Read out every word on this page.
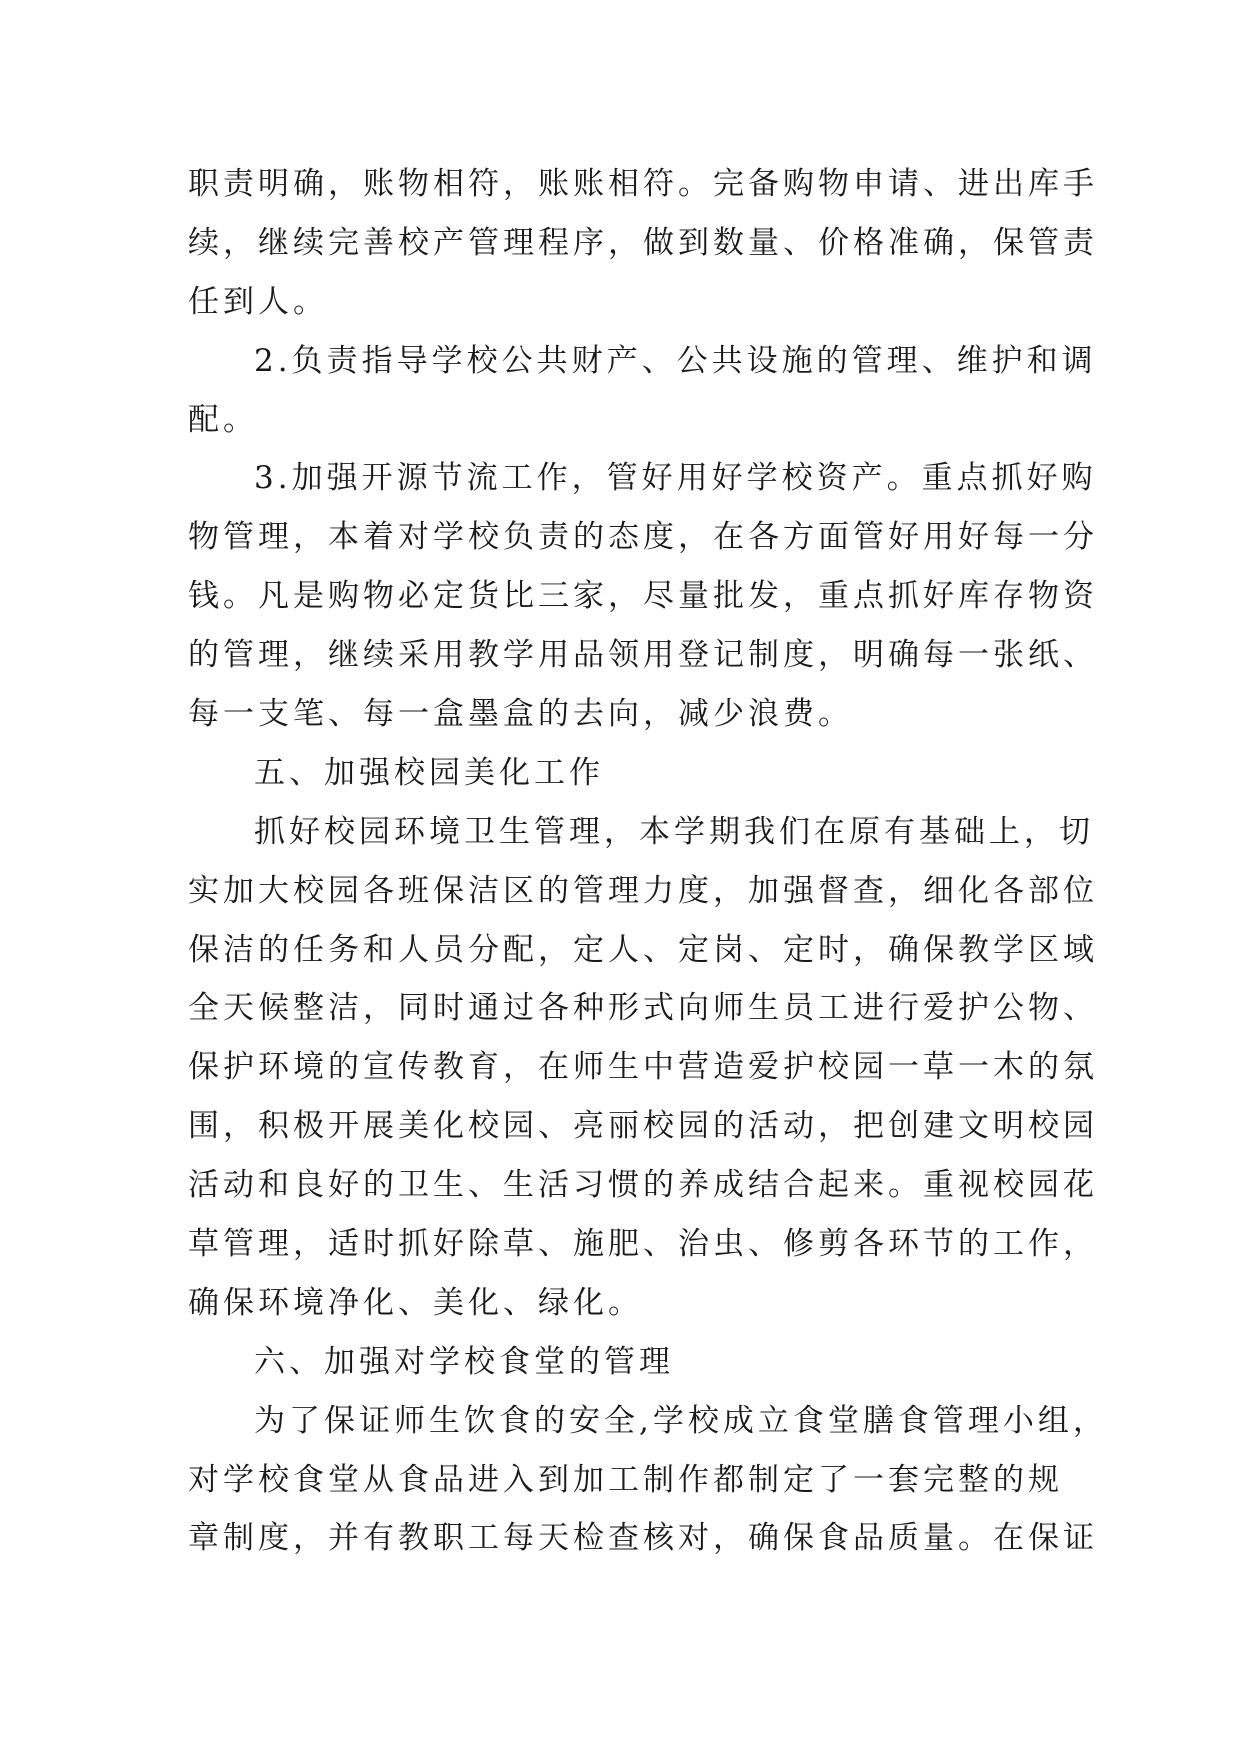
职责明确，账物相符，账账相符。完备购物申请、进出库手
续，继续完善校产管理程序，做到数量、价格准确，保管责
任到人。
2.负责指导学校公共财产、公共设施的管理、维护和调
配。
3.加强开源节流工作，管好用好学校资产。重点抓好购
物管理，本着对学校负责的态度，在各方面管好用好每一分
钱。凡是购物必定货比三家，尽量批发，重点抓好库存物资
的管理，继续采用教学用品领用登记制度，明确每一张纸、
每一支笔、每一盒墨盒的去向，减少浪费。
五、加强校园美化工作
抓好校园环境卫生管理，本学期我们在原有基础上，切
实加大校园各班保洁区的管理力度，加强督查，细化各部位
保洁的任务和人员分配，定人、定岗、定时，确保教学区域
全天候整洁，同时通过各种形式向师生员工进行爱护公物、
保护环境的宣传教育，在师生中营造爱护校园一草一木的氛
围，积极开展美化校园、亮丽校园的活动，把创建文明校园
活动和良好的卫生、生活习惯的养成结合起来。重视校园花
草管理，适时抓好除草、施肥、治虫、修剪各环节的工作，
确保环境净化、美化、绿化。
六、加强对学校食堂的管理
为了保证师生饮食的安全,学校成立食堂膳食管理小组，
对学校食堂从食品进入到加工制作都制定了一套完整的规
章制度，并有教职工每天检查核对，确保食品质量。在保证
